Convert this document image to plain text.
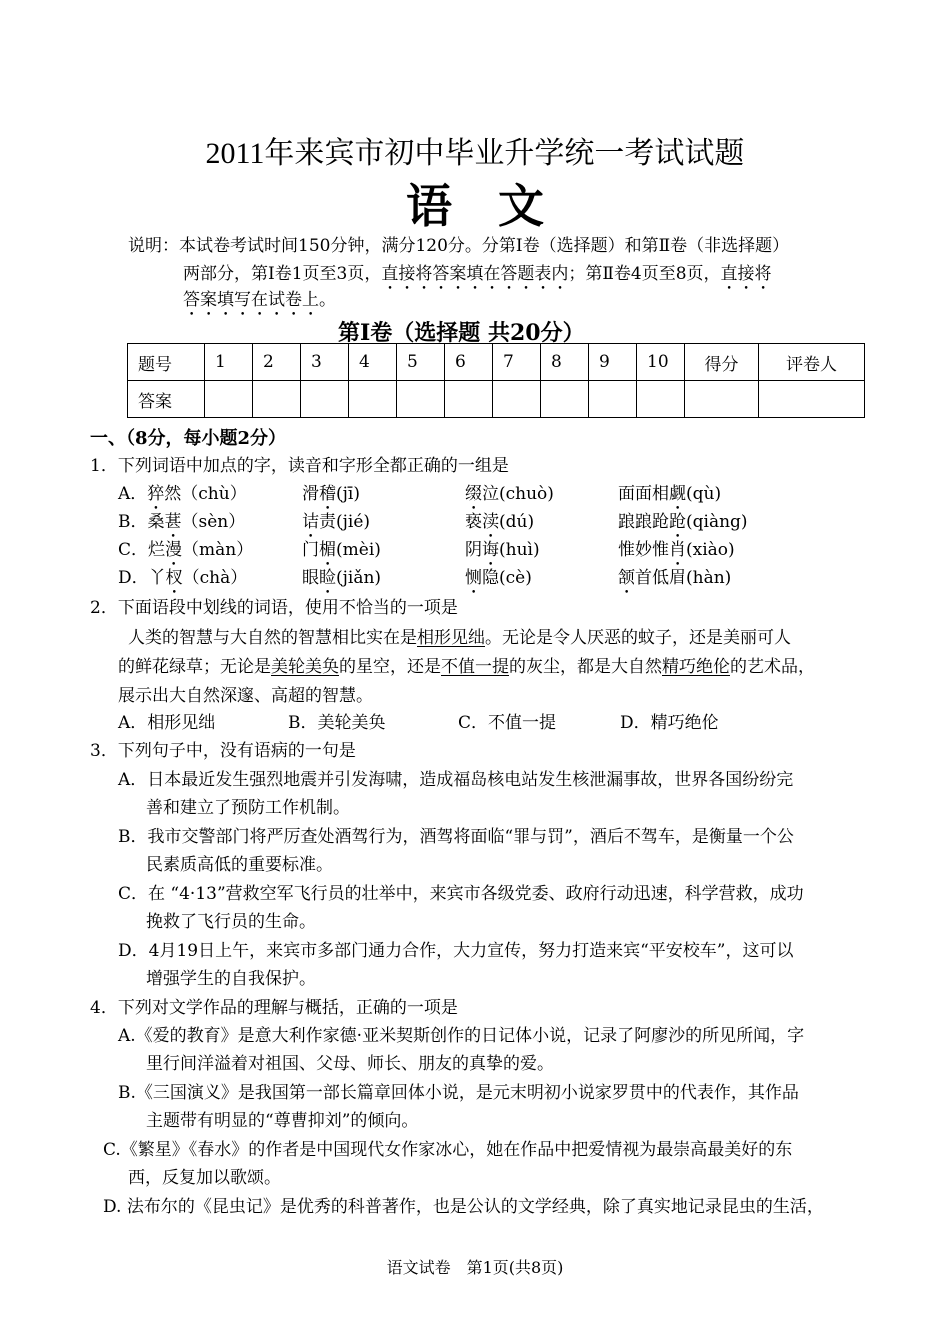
2011年来宾市初中毕业升学统一考试试题
语文
说明：本试卷考试时间150分钟，满分120分。分第Ⅰ卷（选择题）和第Ⅱ卷（非选择题）
两部分，第Ⅰ卷1页至3页，直接将答案填在答题表内；第Ⅱ卷4页至8页，直接将
答案填写在试卷上。
第Ⅰ卷（选择题 共20分）
题号	1	2	3	4	5	6	7	8	9	10	得分	评卷人
答案												
一、（8分，每小题2分）
1．下列词语中加点的字，读音和字形全都正确的一组是
A．猝然（chù）	滑稽(jī)	缀泣(chuò)	面面相觑(qù)
B．桑葚（sèn）	诘责(jié)	亵渎(dú)	踉踉跄跄(qiàng)
C．烂漫（màn）	门楣(mèi)	阴诲(huì)	惟妙惟肖(xiào)
D．丫杈（chà）	眼睑(jiǎn)	恻隐(cè)	颔首低眉(hàn)
2．下面语段中划线的词语，使用不恰当的一项是
人类的智慧与大自然的智慧相比实在是相形见绌。无论是令人厌恶的蚊子，还是美丽可人
的鲜花绿草；无论是美轮美奂的星空，还是不值一提的灰尘，都是大自然精巧绝伦的艺术品，
展示出大自然深邃、高超的智慧。
A．相形见绌	B．美轮美奂	C．不值一提	D．精巧绝伦
3．下列句子中，没有语病的一句是
A．日本最近发生强烈地震并引发海啸，造成福岛核电站发生核泄漏事故，世界各国纷纷完
善和建立了预防工作机制。
B．我市交警部门将严厉查处酒驾行为，酒驾将面临“罪与罚”，酒后不驾车，是衡量一个公
民素质高低的重要标准。
C．在 “4·13”营救空军飞行员的壮举中，来宾市各级党委、政府行动迅速，科学营救，成功
挽救了飞行员的生命。
D．4月19日上午，来宾市多部门通力合作，大力宣传，努力打造来宾“平安校车”，这可以
增强学生的自我保护。
4．下列对文学作品的理解与概括，正确的一项是
A.《爱的教育》是意大利作家德·亚米契斯创作的日记体小说，记录了阿廖沙的所见所闻，字
里行间洋溢着对祖国、父母、师长、朋友的真挚的爱。
B.《三国演义》是我国第一部长篇章回体小说，是元末明初小说家罗贯中的代表作，其作品
主题带有明显的“尊曹抑刘”的倾向。
C.《繁星》《春水》的作者是中国现代女作家冰心，她在作品中把爱情视为最崇高最美好的东
西，反复加以歌颂。
D. 法布尔的《昆虫记》是优秀的科普著作，也是公认的文学经典，除了真实地记录昆虫的生活，
语文试卷　第1页(共8页)
